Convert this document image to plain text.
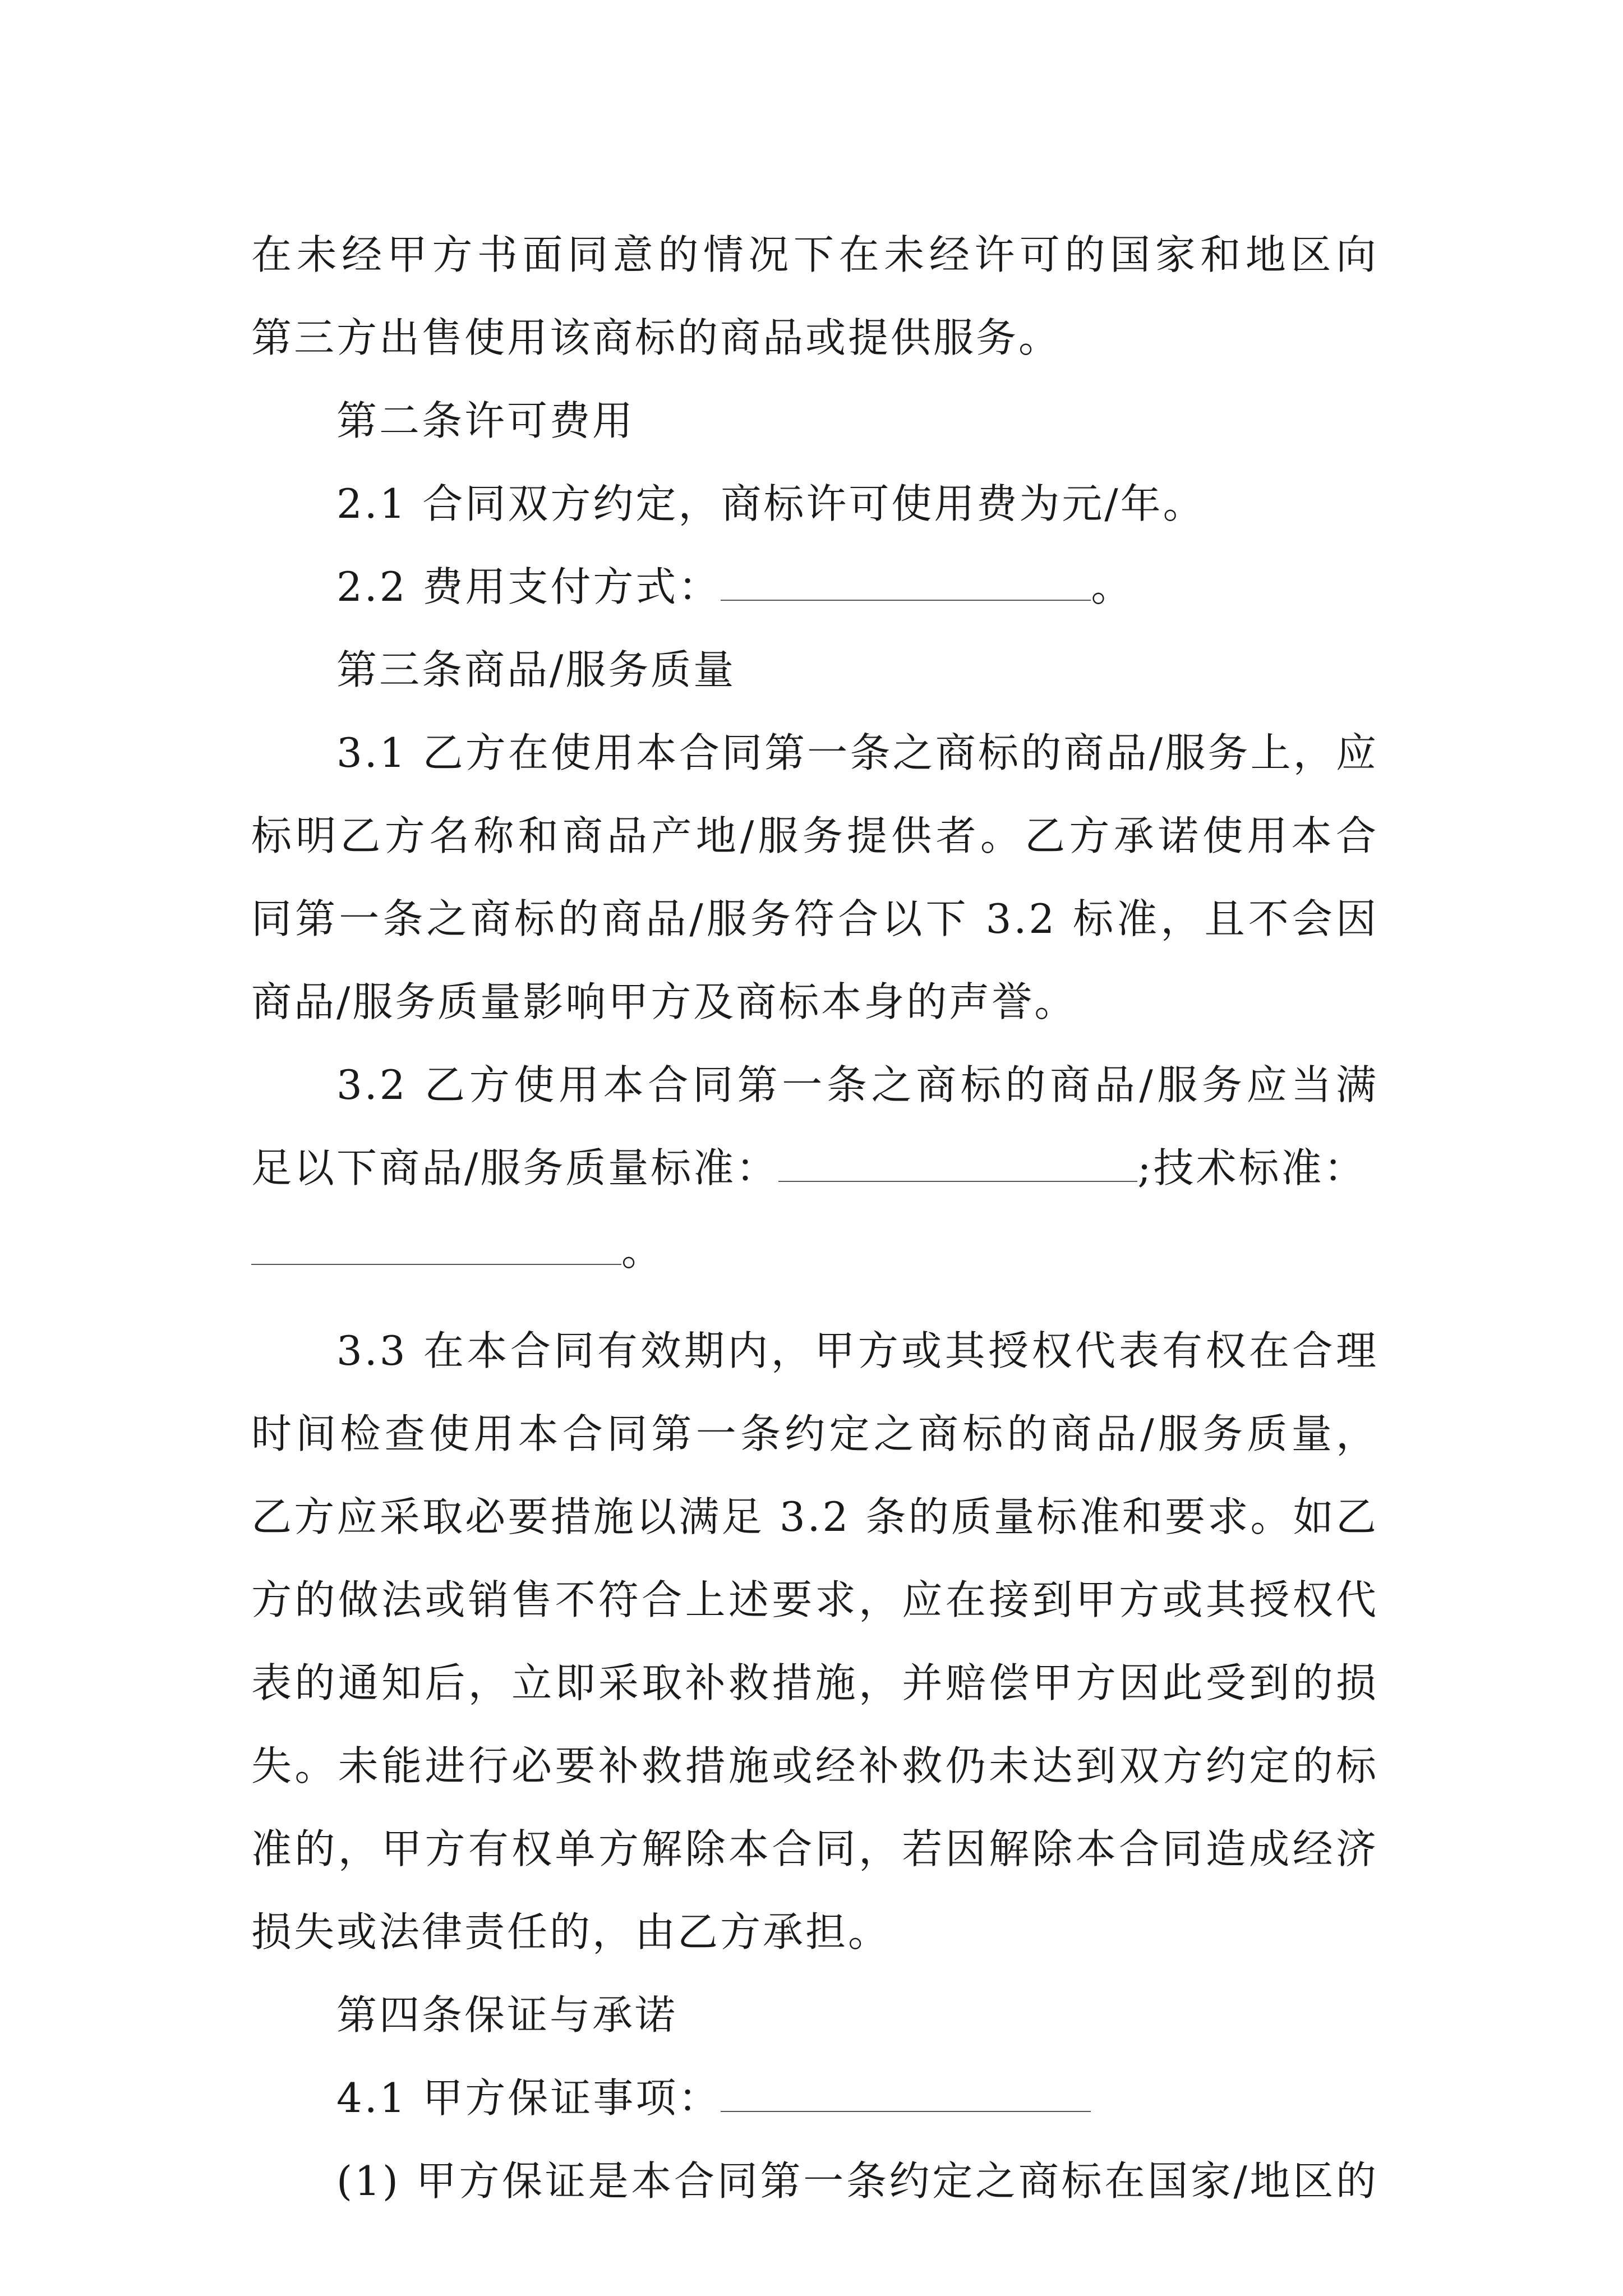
在未经甲方书面同意的情况下在未经许可的国家和地区向
第三方出售使用该商标的商品或提供服务。
第二条许可费用
2.1 合同双方约定，商标许可使用费为元/年。
2.2 费用支付方式：	。
第三条商品/服务质量
3.1 乙方在使用本合同第一条之商标的商品/服务上，应
标明乙方名称和商品产地/服务提供者。乙方承诺使用本合
同第一条之商标的商品/服务符合以下 3.2 标准，且不会因
商品/服务质量影响甲方及商标本身的声誉。
3.2 乙方使用本合同第一条之商标的商品/服务应当满
足以下商品/服务质量标准：	;技术标准：
。
3.3 在本合同有效期内，甲方或其授权代表有权在合理
时间检查使用本合同第一条约定之商标的商品/服务质量，
乙方应采取必要措施以满足 3.2 条的质量标准和要求。如乙
方的做法或销售不符合上述要求，应在接到甲方或其授权代
表的通知后，立即采取补救措施，并赔偿甲方因此受到的损
失。未能进行必要补救措施或经补救仍未达到双方约定的标
准的，甲方有权单方解除本合同，若因解除本合同造成经济
损失或法律责任的，由乙方承担。
第四条保证与承诺
4.1 甲方保证事项：
(1) 甲方保证是本合同第一条约定之商标在国家/地区的
